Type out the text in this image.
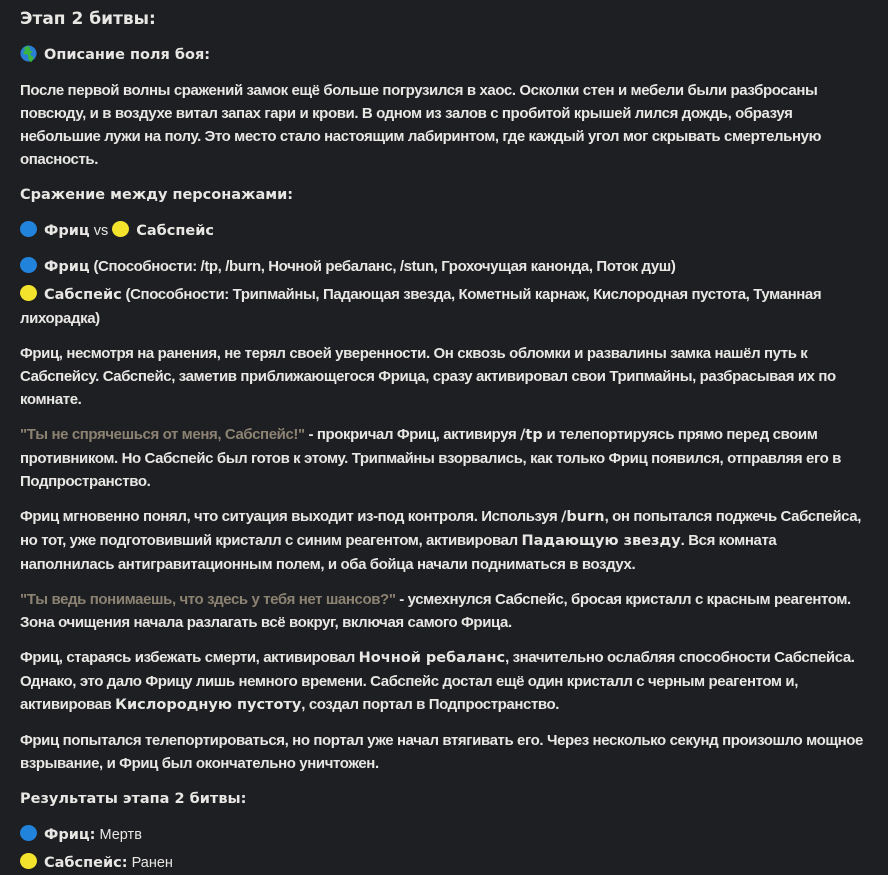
Этап 2 битвы:
Описание поля боя:
После первой волны сражений замок ещё больше погрузился в хаос. Осколки стен и мебели были разбросаны повсюду, и в воздухе витал запах гари и крови. В одном из залов с пробитой крышей лился дождь, образуя небольшие лужи на полу. Это место стало настоящим лабиринтом, где каждый угол мог скрывать смертельную опасность.
Сражение между персонажами:
Фриц vs Сабспейс
Фриц (Способности: /tp, /burn, Ночной ребаланс, /stun, Грохочущая канонда, Поток душ)
Сабспейс (Способности: Трипмайны, Падающая звезда, Кометный карнаж, Кислородная пустота, Туманная лихорадка)
Фриц, несмотря на ранения, не терял своей уверенности. Он сквозь обломки и развалины замка нашёл путь к Сабспейсу. Сабспейс, заметив приближающегося Фрица, сразу активировал свои Трипмайны, разбрасывая их по комнате.
"Ты не спрячешься от меня, Сабспейс!" - прокричал Фриц, активируя /tp и телепортируясь прямо перед своим противником. Но Сабспейс был готов к этому. Трипмайны взорвались, как только Фриц появился, отправляя его в Подпространство.
Фриц мгновенно понял, что ситуация выходит из-под контроля. Используя /burn, он попытался поджечь Сабспейса, но тот, уже подготовивший кристалл с синим реагентом, активировал Падающую звезду. Вся комната наполнилась антигравитационным полем, и оба бойца начали подниматься в воздух.
"Ты ведь понимаешь, что здесь у тебя нет шансов?" - усмехнулся Сабспейс, бросая кристалл с красным реагентом. Зона очищения начала разлагать всё вокруг, включая самого Фрица.
Фриц, стараясь избежать смерти, активировал Ночной ребаланс, значительно ослабляя способности Сабспейса. Однако, это дало Фрицу лишь немного времени. Сабспейс достал ещё один кристалл с черным реагентом и, активировав Кислородную пустоту, создал портал в Подпространство.
Фриц попытался телепортироваться, но портал уже начал втягивать его. Через несколько секунд произошло мощное взрывание, и Фриц был окончательно уничтожен.
Результаты этапа 2 битвы:
Фриц: Мертв
Сабспейс: Ранен
